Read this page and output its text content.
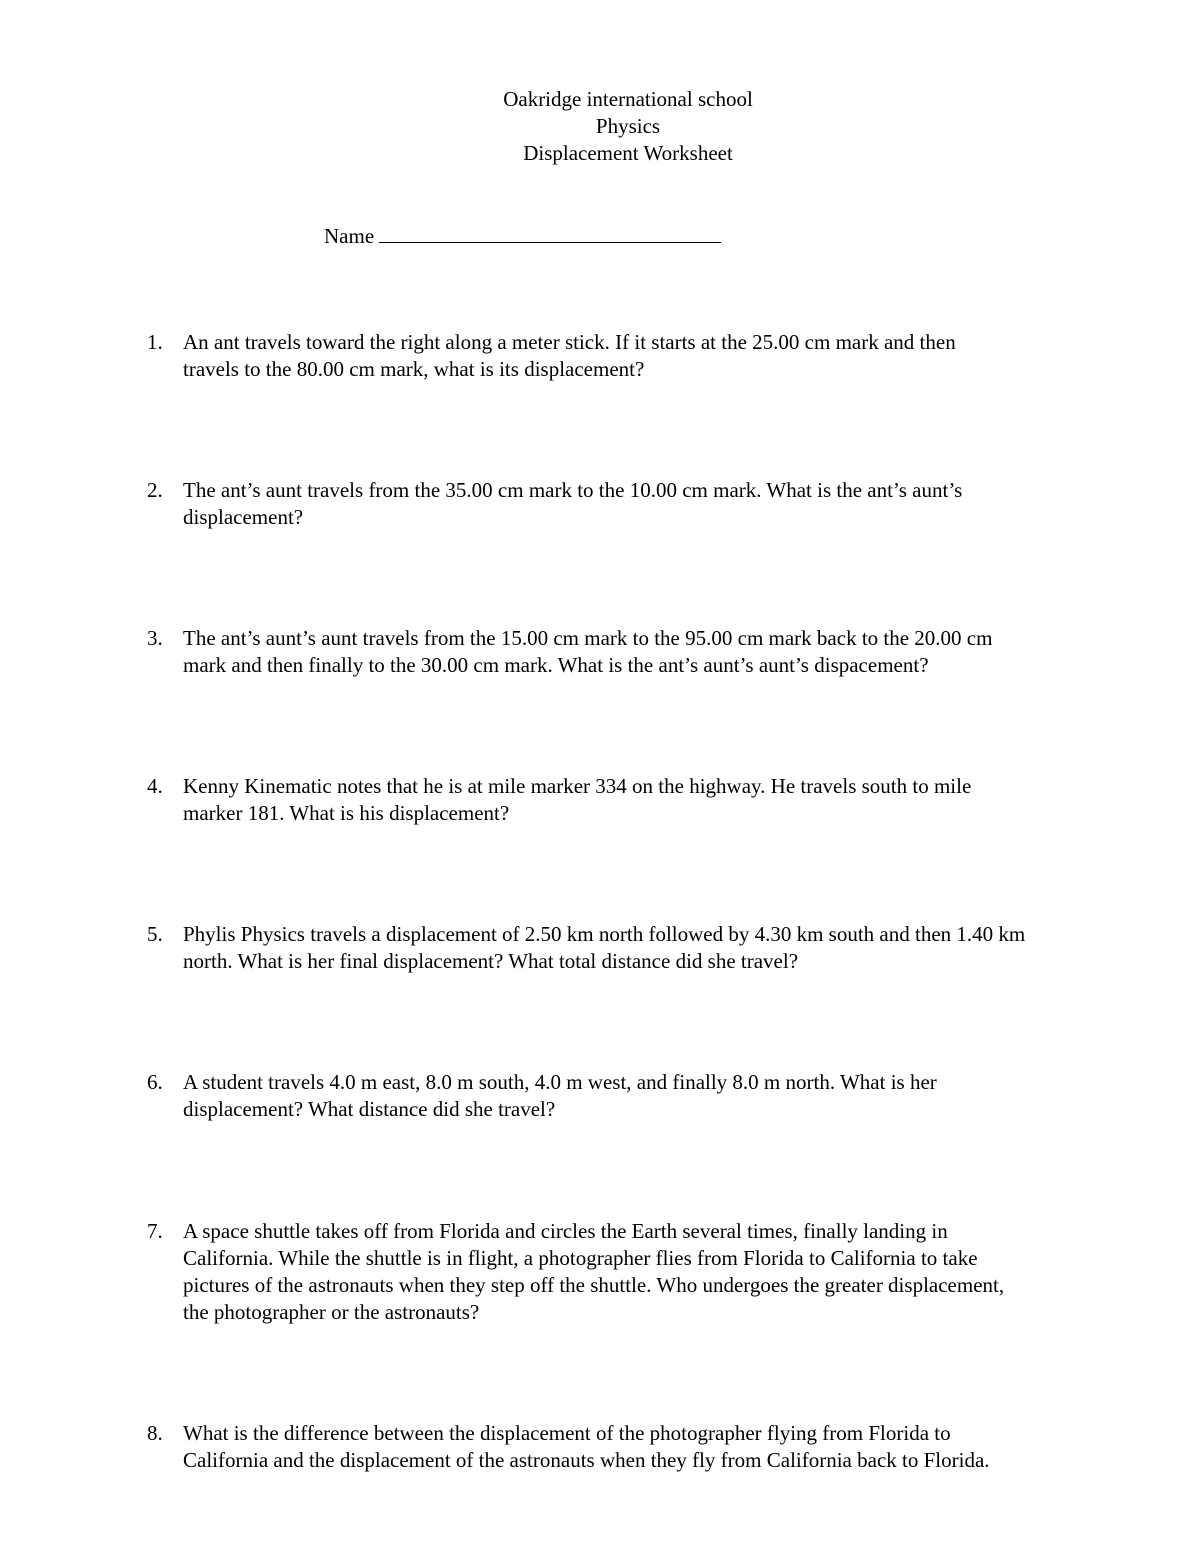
Oakridge international school
Physics
Displacement Worksheet
Name
1. An ant travels toward the right along a meter stick. If it starts at the 25.00 cm mark and then
travels to the 80.00 cm mark, what is its displacement?
2. The ant’s aunt travels from the 35.00 cm mark to the 10.00 cm mark. What is the ant’s aunt’s
displacement?
3. The ant’s aunt’s aunt travels from the 15.00 cm mark to the 95.00 cm mark back to the 20.00 cm
mark and then finally to the 30.00 cm mark. What is the ant’s aunt’s aunt’s dispacement?
4. Kenny Kinematic notes that he is at mile marker 334 on the highway. He travels south to mile
marker 181. What is his displacement?
5. Phylis Physics travels a displacement of 2.50 km north followed by 4.30 km south and then 1.40 km
north. What is her final displacement? What total distance did she travel?
6. A student travels 4.0 m east, 8.0 m south, 4.0 m west, and finally 8.0 m north. What is her
displacement? What distance did she travel?
7. A space shuttle takes off from Florida and circles the Earth several times, finally landing in
California. While the shuttle is in flight, a photographer flies from Florida to California to take
pictures of the astronauts when they step off the shuttle. Who undergoes the greater displacement,
the photographer or the astronauts?
8. What is the difference between the displacement of the photographer flying from Florida to
California and the displacement of the astronauts when they fly from California back to Florida.
